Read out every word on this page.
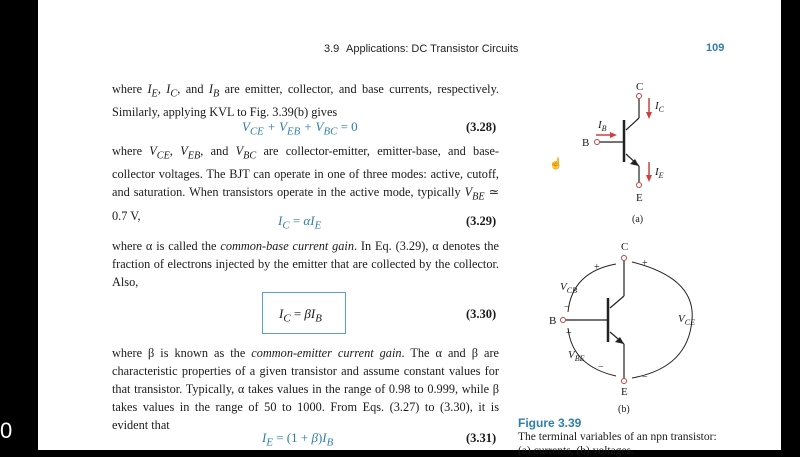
3.9 Applications: DC Transistor Circuits	109
where $I_E$, $I_C$, and $I_B$ are emitter, collector, and base currents, respectively. Similarly, applying KVL to Fig. 3.39(b) gives
$V_{CE} + V_{EB} + V_{BC} = 0$	(3.28)
where $V_{CE}$, $V_{EB}$, and $V_{BC}$ are collector-emitter, emitter-base, and base-collector voltages. The BJT can operate in one of three modes: active, cutoff, and saturation. When transistors operate in the active mode, typically $V_{BE}$ ≃ 0.7 V,	$I_C = \alpha I_E$	(3.29)
where α is called the common-base current gain. In Eq. (3.29), α denotes the fraction of electrons injected by the emitter that are collected by the collector. Also,
$I_C = \beta I_B$	(3.30)
where β is known as the common-emitter current gain. The α and β are characteristic properties of a given transistor and assume constant values for that transistor. Typically, α takes values in the range of 0.98 to 0.999, while β takes values in the range of 50 to 1000. From Eqs. (3.27) to (3.30), it is evident that
$I_E = (1 + \beta)I_B$	(3.31)
C
B
E
$I_C$
$I_B$
$I_E$
(a)
☝
C
B
E
+
−
$V_{CB}$
+
−
$V_{BE}$
+
−
$V_{CE}$
(b)
Figure 3.39
The terminal variables of an npn transistor:
(a) currents, (b) voltages.
0
